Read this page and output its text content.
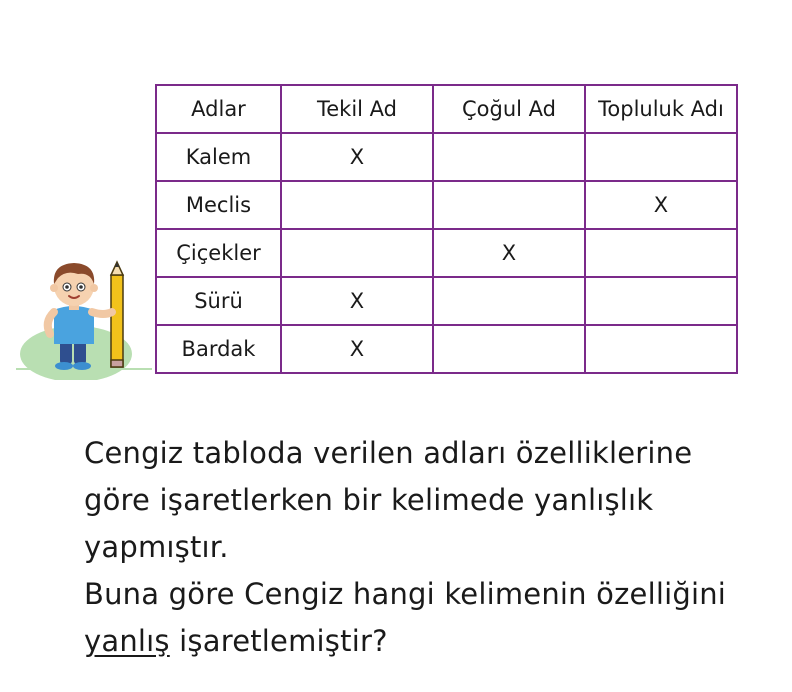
Adlar	Tekil Ad	Çoğul Ad	Topluluk Adı
Kalem	X		
Meclis			X
Çiçekler		X	
Sürü	X		
Bardak	X		
Cengiz tabloda verilen adları özelliklerine
göre işaretlerken bir kelimede yanlışlık
yapmıştır.
Buna göre Cengiz hangi kelimenin özelliğini
yanlış işaretlemiştir?
